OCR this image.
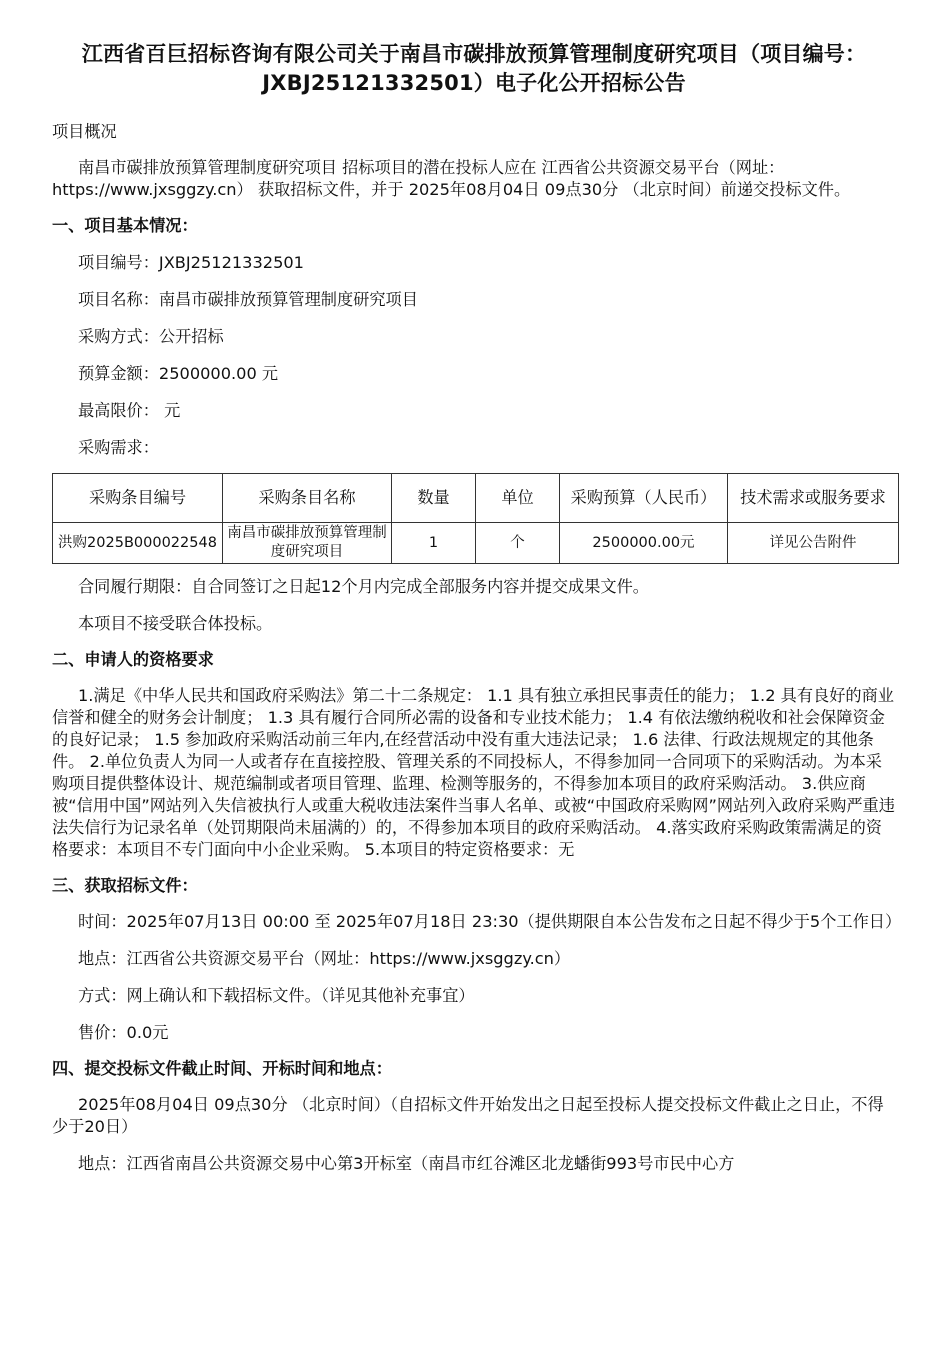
江西省百巨招标咨询有限公司关于南昌市碳排放预算管理制度研究项目（项目编号：JXBJ25121332501）电子化公开招标公告

项目概况

南昌市碳排放预算管理制度研究项目 招标项目的潜在投标人应在 江西省公共资源交易平台（网址：https://www.jxsggzy.cn） 获取招标文件，并于 2025年08月04日 09点30分 （北京时间）前递交投标文件。

一、项目基本情况：

项目编号：JXBJ25121332501

项目名称：南昌市碳排放预算管理制度研究项目

采购方式：公开招标

预算金额：2500000.00 元

最高限价： 元

采购需求：

采购条目编号	采购条目名称	数量	单位	采购预算（人民币）	技术需求或服务要求
洪购2025B000022548	南昌市碳排放预算管理制度研究项目	1	个	2500000.00元	详见公告附件

合同履行期限：自合同签订之日起12个月内完成全部服务内容并提交成果文件。

本项目不接受联合体投标。

二、申请人的资格要求

1.满足《中华人民共和国政府采购法》第二十二条规定： 1.1 具有独立承担民事责任的能力； 1.2 具有良好的商业信誉和健全的财务会计制度； 1.3 具有履行合同所必需的设备和专业技术能力； 1.4 有依法缴纳税收和社会保障资金的良好记录； 1.5 参加政府采购活动前三年内,在经营活动中没有重大违法记录； 1.6 法律、行政法规规定的其他条件。 2.单位负责人为同一人或者存在直接控股、管理关系的不同投标人，不得参加同一合同项下的采购活动。为本采购项目提供整体设计、规范编制或者项目管理、监理、检测等服务的，不得参加本项目的政府采购活动。 3.供应商被“信用中国”网站列入失信被执行人或重大税收违法案件当事人名单、或被“中国政府采购网”网站列入政府采购严重违法失信行为记录名单（处罚期限尚未届满的）的，不得参加本项目的政府采购活动。 4.落实政府采购政策需满足的资格要求：本项目不专门面向中小企业采购。 5.本项目的特定资格要求：无

三、获取招标文件：

时间：2025年07月13日 00:00 至 2025年07月18日 23:30（提供期限自本公告发布之日起不得少于5个工作日）

地点：江西省公共资源交易平台（网址：https://www.jxsggzy.cn）

方式：网上确认和下载招标文件。（详见其他补充事宜）

售价：0.0元

四、提交投标文件截止时间、开标时间和地点：

2025年08月04日 09点30分 （北京时间）（自招标文件开始发出之日起至投标人提交投标文件截止之日止，不得少于20日）

地点：江西省南昌公共资源交易中心第3开标室（南昌市红谷滩区北龙蟠街993号市民中心方
